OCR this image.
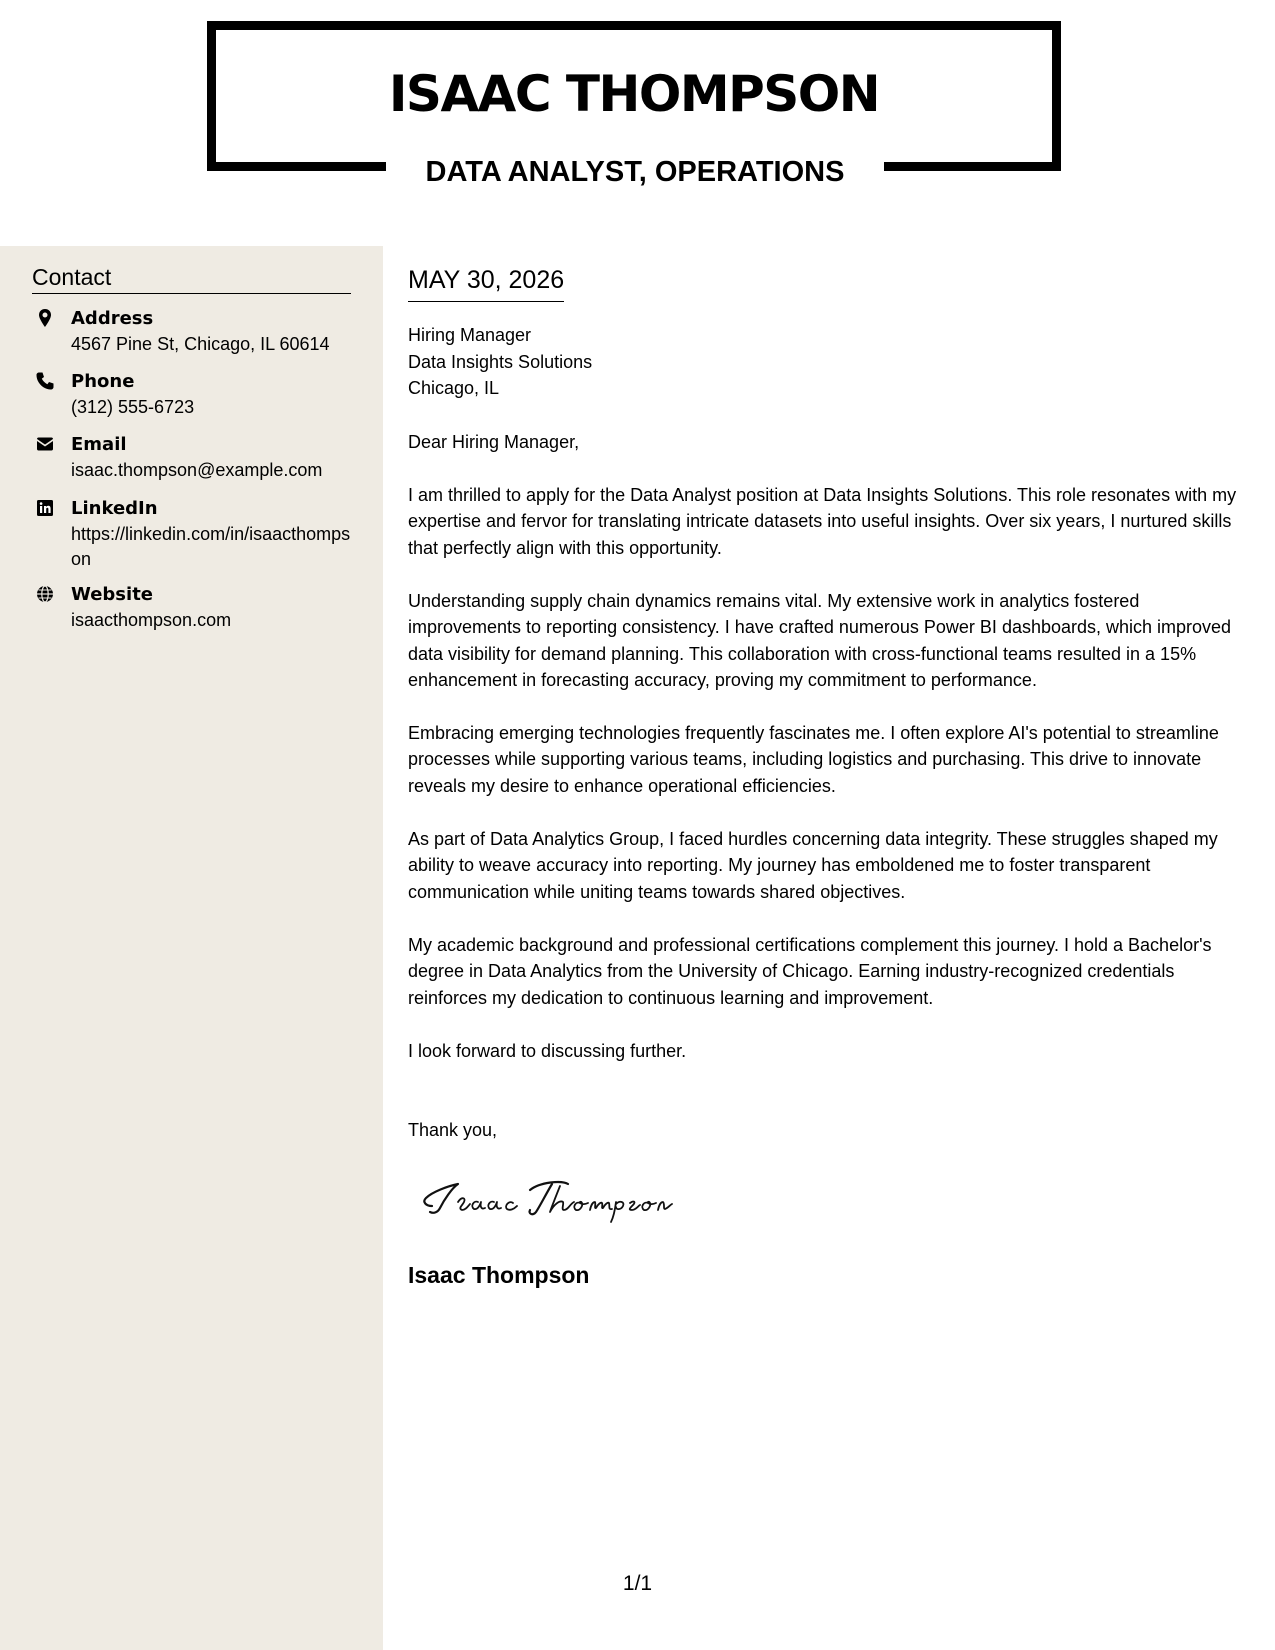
ISAAC THOMPSON
DATA ANALYST, OPERATIONS
Contact
Address
4567 Pine St, Chicago, IL 60614
Phone
(312) 555-6723
Email
isaac.thompson@example.com
LinkedIn
https://linkedin.com/in/isaacthompson
Website
isaacthompson.com
MAY 30, 2026
Hiring Manager
Data Insights Solutions
Chicago, IL
Dear Hiring Manager,
I am thrilled to apply for the Data Analyst position at Data Insights Solutions. This role resonates with my expertise and fervor for translating intricate datasets into useful insights. Over six years, I nurtured skills that perfectly align with this opportunity.
Understanding supply chain dynamics remains vital. My extensive work in analytics fostered improvements to reporting consistency. I have crafted numerous Power BI dashboards, which improved data visibility for demand planning. This collaboration with cross-functional teams resulted in a 15% enhancement in forecasting accuracy, proving my commitment to performance.
Embracing emerging technologies frequently fascinates me. I often explore AI's potential to streamline processes while supporting various teams, including logistics and purchasing. This drive to innovate reveals my desire to enhance operational efficiencies.
As part of Data Analytics Group, I faced hurdles concerning data integrity. These struggles shaped my ability to weave accuracy into reporting. My journey has emboldened me to foster transparent communication while uniting teams towards shared objectives.
My academic background and professional certifications complement this journey. I hold a Bachelor's degree in Data Analytics from the University of Chicago. Earning industry-recognized credentials reinforces my dedication to continuous learning and improvement.
I look forward to discussing further.
Thank you,
Isaac Thompson
1/1
